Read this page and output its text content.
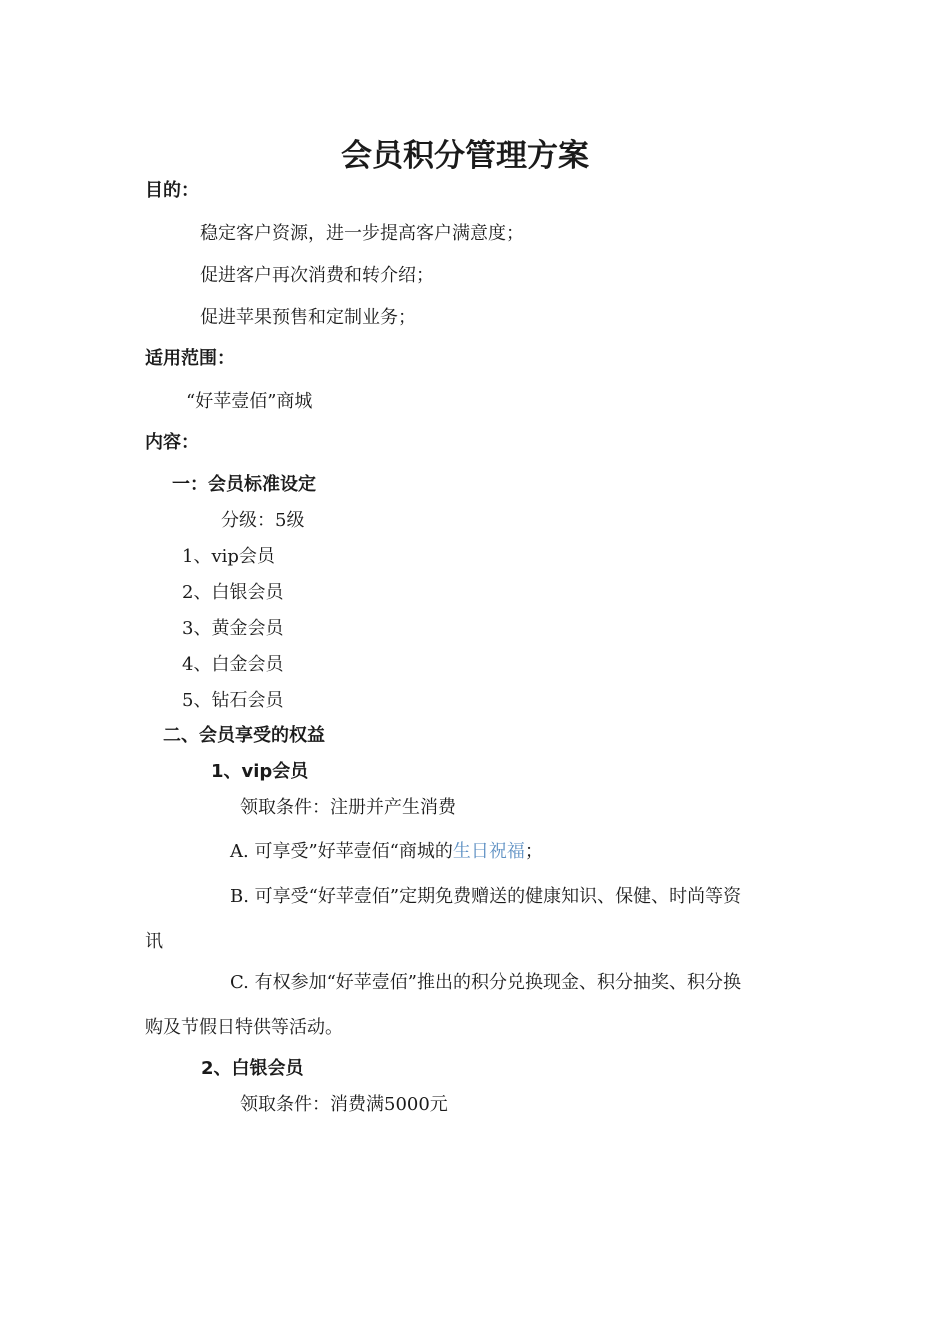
会员积分管理方案
目的：
稳定客户资源，进一步提高客户满意度；
促进客户再次消费和转介绍；
促进苹果预售和定制业务；
适用范围：
“好苹壹佰”商城
内容：
一：会员标准设定
分级：5级
1、vip会员
2、白银会员
3、黄金会员
4、白金会员
5、钻石会员
二、会员享受的权益
1、vip会员
领取条件：注册并产生消费
A. 可享受”好苹壹佰“商城的生日祝福；
B. 可享受“好苹壹佰”定期免费赠送的健康知识、保健、时尚等资
讯
C. 有权参加“好苹壹佰”推出的积分兑换现金、积分抽奖、积分换
购及节假日特供等活动。
2、白银会员
领取条件：消费满5000元
